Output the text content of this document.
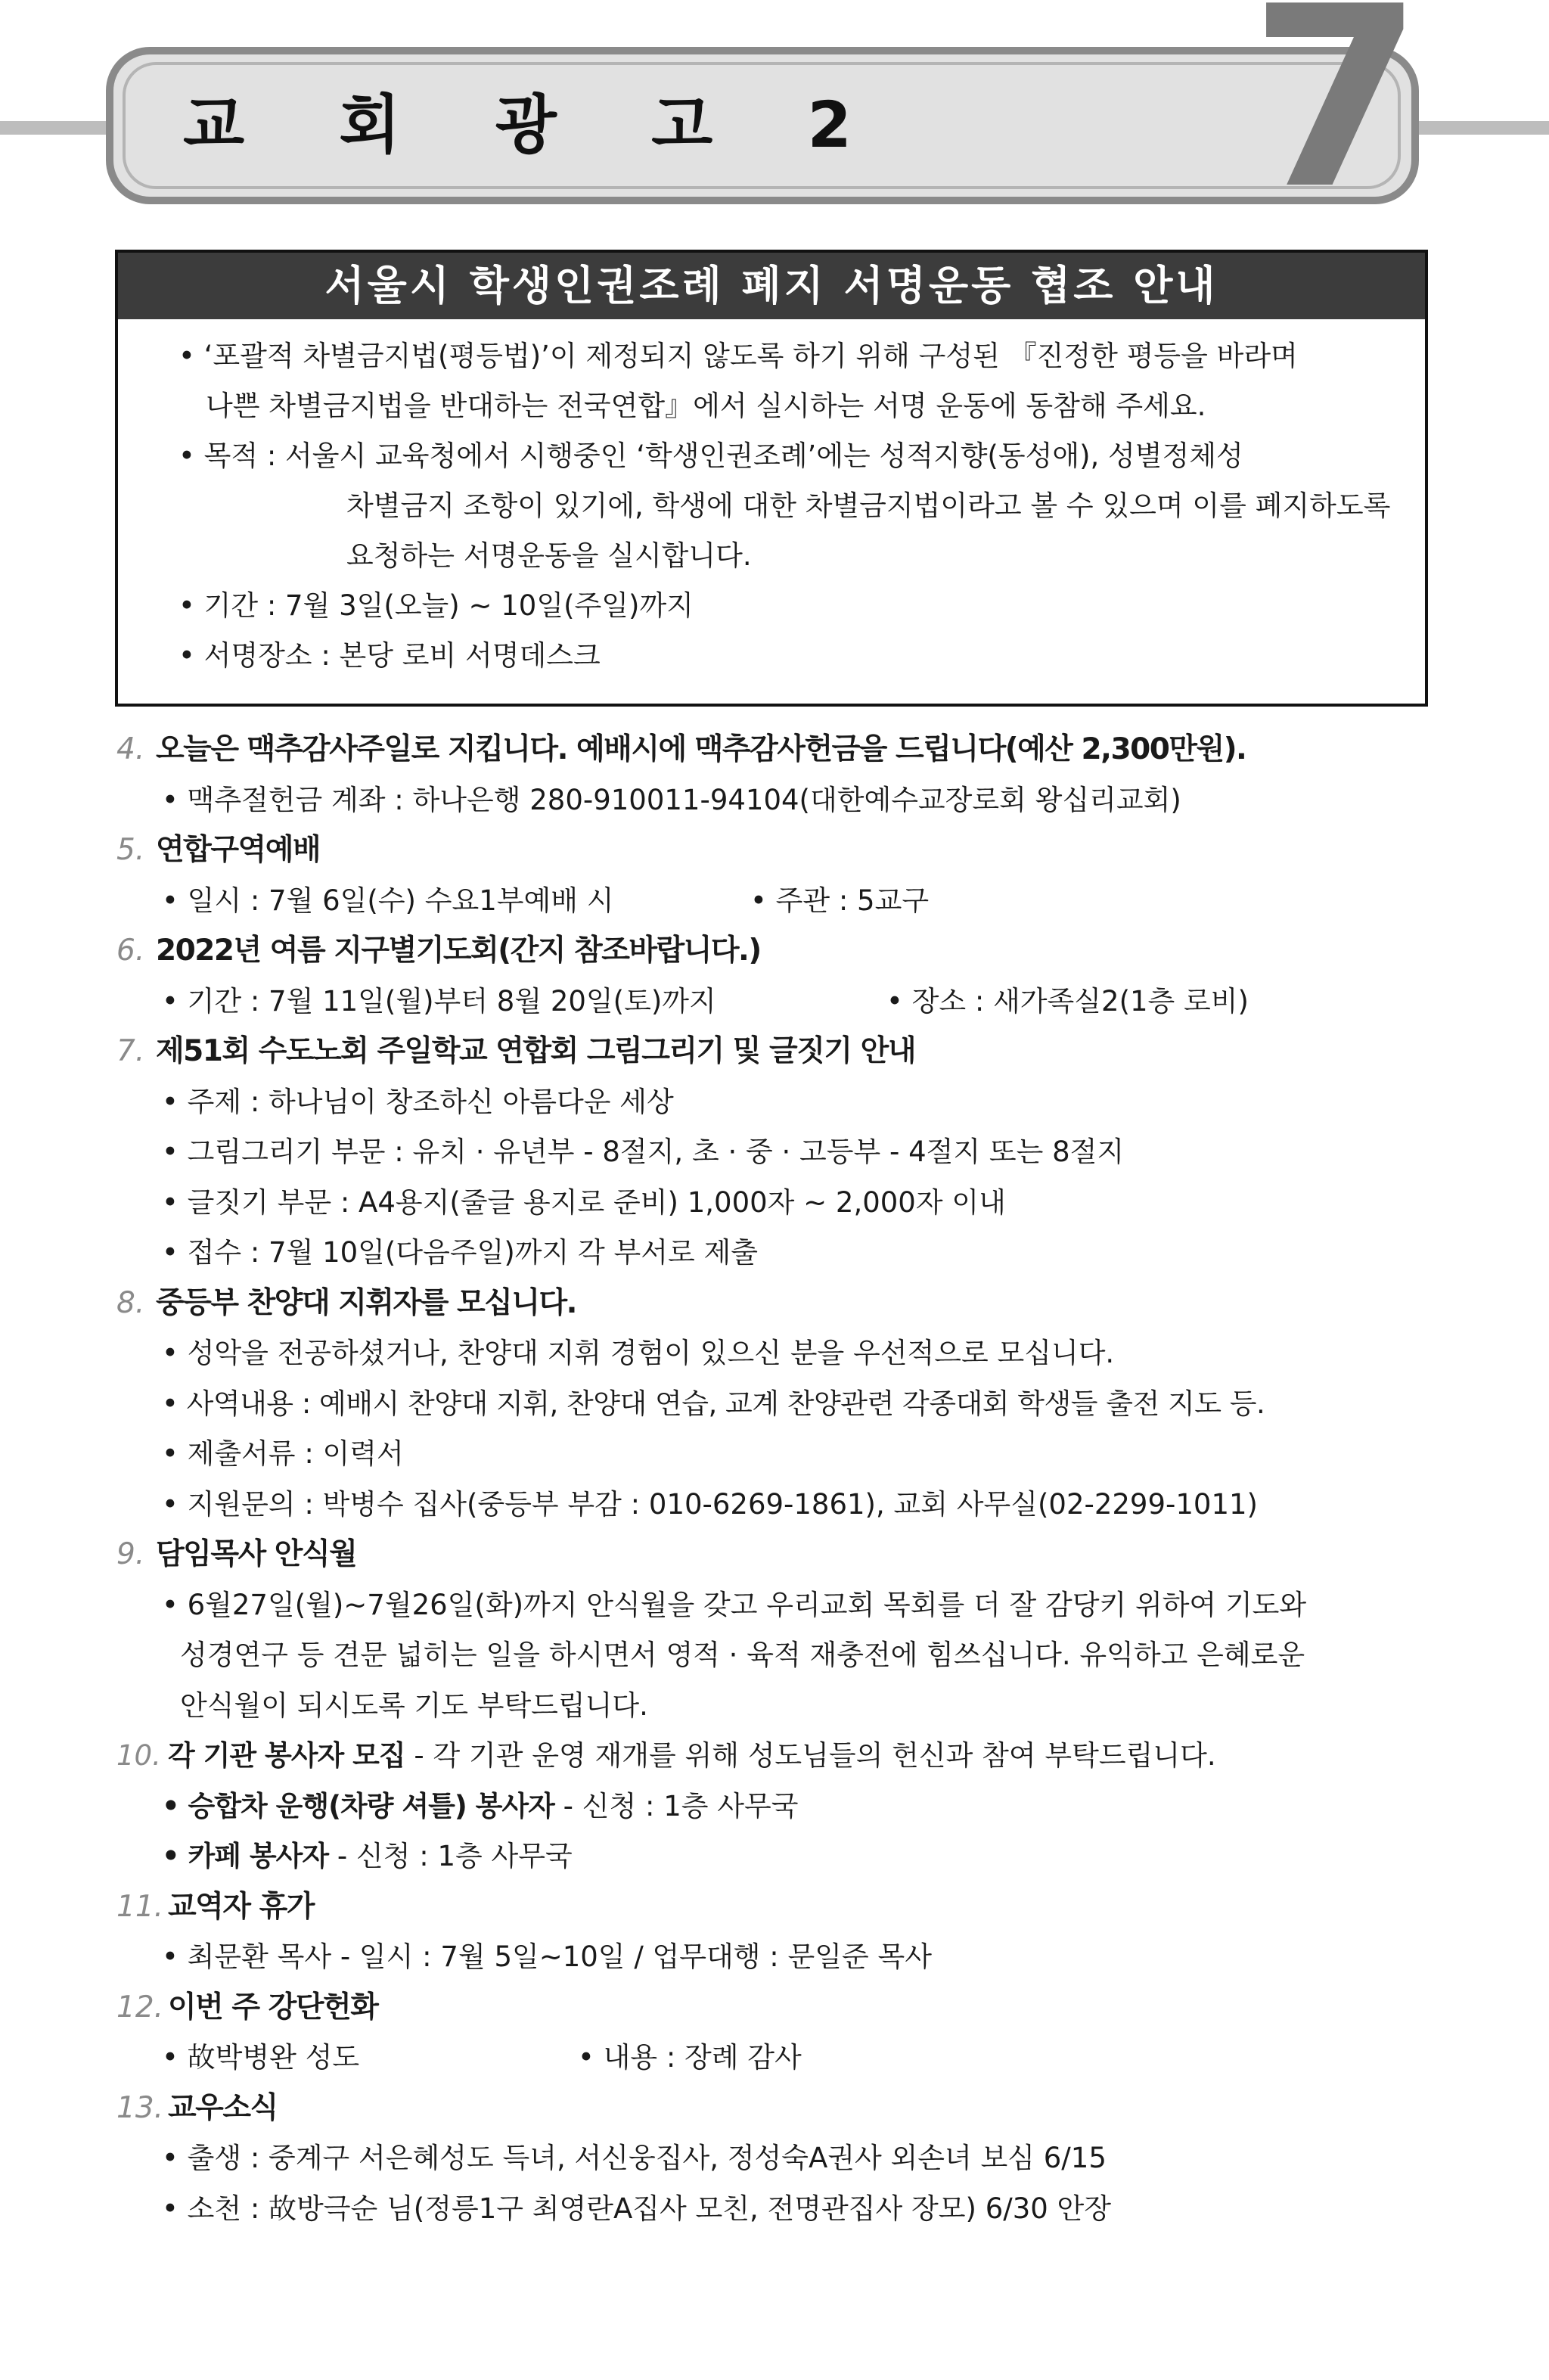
교 회 광 고 2 7
서울시 학생인권조례 폐지 서명운동 협조 안내
• ‘포괄적 차별금지법(평등법)’이 제정되지 않도록 하기 위해 구성된 『진정한 평등을 바라며
나쁜 차별금지법을 반대하는 전국연합』에서 실시하는 서명 운동에 동참해 주세요.
• 목적 : 서울시 교육청에서 시행중인 ‘학생인권조례’에는 성적지향(동성애), 성별정체성
차별금지 조항이 있기에, 학생에 대한 차별금지법이라고 볼 수 있으며 이를 폐지하도록
요청하는 서명운동을 실시합니다.
• 기간 : 7월 3일(오늘) ~ 10일(주일)까지
• 서명장소 : 본당 로비 서명데스크
4. 오늘은 맥추감사주일로 지킵니다. 예배시에 맥추감사헌금을 드립니다(예산 2,300만원).
• 맥추절헌금 계좌 : 하나은행 280-910011-94104(대한예수교장로회 왕십리교회)
5. 연합구역예배
• 일시 : 7월 6일(수) 수요1부예배 시	• 주관 : 5교구
6. 2022년 여름 지구별기도회(간지 참조바랍니다.)
• 기간 : 7월 11일(월)부터 8월 20일(토)까지	• 장소 : 새가족실2(1층 로비)
7. 제51회 수도노회 주일학교 연합회 그림그리기 및 글짓기 안내
• 주제 : 하나님이 창조하신 아름다운 세상
• 그림그리기 부문 : 유치 · 유년부 - 8절지, 초 · 중 · 고등부 - 4절지 또는 8절지
• 글짓기 부문 : A4용지(줄글 용지로 준비) 1,000자 ~ 2,000자 이내
• 접수 : 7월 10일(다음주일)까지 각 부서로 제출
8. 중등부 찬양대 지휘자를 모십니다.
• 성악을 전공하셨거나, 찬양대 지휘 경험이 있으신 분을 우선적으로 모십니다.
• 사역내용 : 예배시 찬양대 지휘, 찬양대 연습, 교계 찬양관련 각종대회 학생들 출전 지도 등.
• 제출서류 : 이력서
• 지원문의 : 박병수 집사(중등부 부감 : 010-6269-1861), 교회 사무실(02-2299-1011)
9. 담임목사 안식월
• 6월27일(월)~7월26일(화)까지 안식월을 갖고 우리교회 목회를 더 잘 감당키 위하여 기도와
성경연구 등 견문 넓히는 일을 하시면서 영적 · 육적 재충전에 힘쓰십니다. 유익하고 은혜로운
안식월이 되시도록 기도 부탁드립니다.
10. 각 기관 봉사자 모집 - 각 기관 운영 재개를 위해 성도님들의 헌신과 참여 부탁드립니다.
• 승합차 운행(차량 셔틀) 봉사자 - 신청 : 1층 사무국
• 카페 봉사자 - 신청 : 1층 사무국
11. 교역자 휴가
• 최문환 목사 - 일시 : 7월 5일~10일 / 업무대행 : 문일준 목사
12. 이번 주 강단헌화
• 故박병완 성도	• 내용 : 장례 감사
13. 교우소식
• 출생 : 중계구 서은혜성도 득녀, 서신웅집사, 정성숙A권사 외손녀 보심 6/15
• 소천 : 故방극순 님(정릉1구 최영란A집사 모친, 전명관집사 장모) 6/30 안장
